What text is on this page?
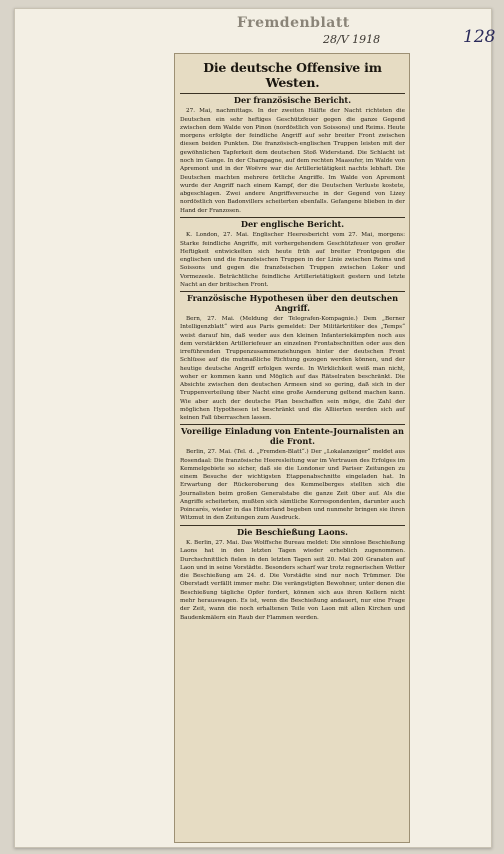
Fremdenblatt
28/V 1918	128
Die deutsche Offensive im Westen.
Der französische Bericht.

27. Mai, nachmittags. In der zweiten Hälfte der Nacht richteten die Deutschen ein sehr heftiges Geschützfeuer gegen die ganze Gegend zwischen dem Walde von Pinon (nordöstlich von Soissons) und Reims. Heute morgens erfolgte der feindliche Angriff auf sehr breiter Front zwischen diesen beiden Punkten. Die französisch-englischen Truppen leisten mit der gewöhnlichen Tapferkeit dem deutschen Stoß Widerstand. Die Schlacht ist noch im Gange. In der Champagne, auf dem rechten Maasufer, im Walde von Apremont und in der Woëvre war die Artillerietätigkeit nachts lebhaft. Die Deutschen machten mehrere örtliche Angriffe. Im Walde von Apremont wurde der Angriff nach einem Kampf, der die Deutschen Verluste kostete, abgeschlagen. Zwei andere Angriffsversuche in der Gegend von Lizey nordöstlich von Badonvillers scheiterten ebenfalls. Gefangene blieben in der Hand der Franzosen.

Der englische Bericht.

K. London, 27. Mai. Englischer Heeresbericht vom 27. Mai, morgens: Starke feindliche Angriffe, mit vorhergehendem Geschützfeuer von großer Heftigkeit entwickelten sich heute früh auf breiter Frontgegen die englischen und die französischen Truppen in der Linie zwischen Reims und Soissons und gegen die französischen Truppen zwischen Loker und Vormezeele. Beträchtliche feindliche Artillerietätigkeit gestern und letzte Nacht an der britischen Front.

Französische Hypothesen über den deutschen Angriff.

Bern, 27. Mai. (Meldung der Telegrafen-Kompagnie.) Dem „Berner Intelligenzblatt“ wird aus Paris gemeldet: Der Militärkritiker des „Temps“ weist darauf hin, daß weder aus den kleinen Infanteriekämpfen noch aus dem verstärkten Artilleriefeuer an einzelnen Frontabschnitten oder aus den irreführenden Truppenzusammenziehungen hinter der deutschen Front Schlüsse auf die mutmaßliche Richtung gezogen werden können, und der heutige deutsche Angriff erfolgen werde. In Wirklichkeit weiß man nicht, woher er kommen kann und Möglich auf das Rätselraten beschränkt. Die Absichte zwischen den deutschen Armeen sind so gering, daß sich in der Truppenverteilung über Nacht eine große Aenderung geltend machen kann. Wie aber auch der deutsche Plan beschaffen sein möge, die Zahl der möglichen Hypothesen ist beschränkt und die Alliierten werden sich auf keinen Fall überraschen lassen.

Voreilige Einladung von Entente-Journalisten an die Front.

Berlin, 27. Mai. (Tel. d. „Fremden-Blatt“.) Der „Lokalanzeiger“ meldet aus Rosendaal: Die französische Heeresleitung war im Vertrauen des Erfolges im Kemmelgebiete so sicher, daß sie die Londoner und Pariser Zeitungen zu einem Besuche der wichtigsten Etappenabschnitte eingeladen hat. In Erwartung der Rückeroberung des Kemmelberges stellten sich die Journalisten beim großen Generalstabe die ganze Zeit über auf. Als die Angriffe scheiterten, mußten sich sämtliche Korrespondenten, darunter auch Poincarés, wieder in das Hinterland begeben und nunmehr bringen sie ihren Witzmut in den Zeitungen zum Ausdruck.

Die Beschießung Laons.

K. Berlin, 27. Mai. Das Wolffsche Bureau meldet: Die sinnlose Beschießung Laons hat in den letzten Tagen wieder erheblich zugenommen. Durchschnittlich fielen in den letzten Tagen seit 20. Mai 200 Granaten auf Laon und in seine Vorstädte. Besonders scharf war trotz regnerischen Wetter die Beschießung am 24. d. Die Vorstädte sind nur noch Trümmer. Die Oberstadt verfällt immer mehr. Die verängstigten Bewohner, unter denen die Beschießung tägliche Opfer fordert, können sich aus ihren Kellern nicht mehr herauswagen. Es ist, wenn die Beschießung andauert, nur eine Frage der Zeit, wann die noch erhaltenen Teile von Laon mit allen Kirchen und Baudenkmälern ein Raub der Flammen werden.
